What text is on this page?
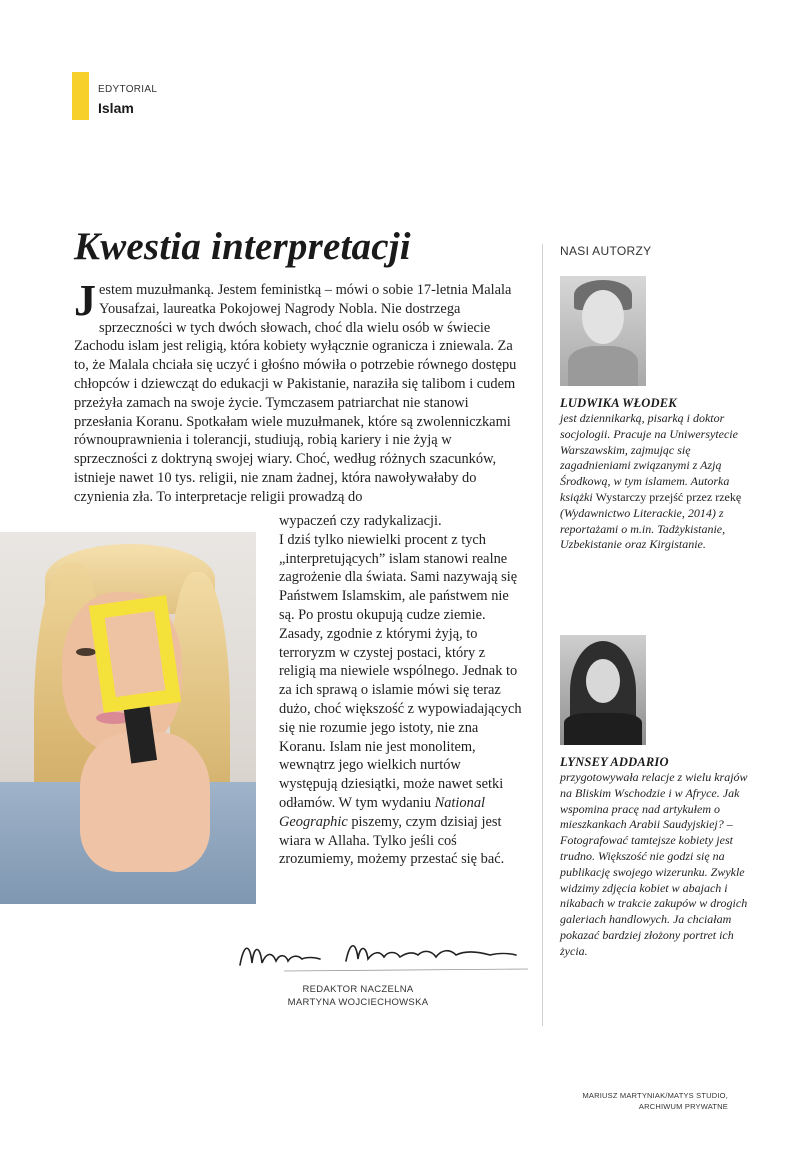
EDYTORIAL
Islam
Kwestia interpretacji

Jestem muzułmanką. Jestem feministką – mówi o sobie 17-letnia Malala Yousafzai, laureatka Pokojowej Nagrody Nobla. Nie dostrzega sprzeczności w tych dwóch słowach, choć dla wielu osób w świecie Zachodu islam jest religią, która kobiety wyłącznie ogranicza i zniewala. Za to, że Malala chciała się uczyć i głośno mówiła o potrzebie równego dostępu chłopców i dziewcząt do edukacji w Pakistanie, naraziła się talibom i cudem przeżyła zamach na swoje życie. Tymczasem patriarchat nie stanowi przesłania Koranu. Spotkałam wiele muzułmanek, które są zwolenniczkami równouprawnienia i tolerancji, studiują, robią kariery i nie żyją w sprzeczności z doktryną swojej wiary. Choć, według różnych szacunków, istnieje nawet 10 tys. religii, nie znam żadnej, która nawoływałaby do czynienia zła. To interpretacje religii prowadzą do

wypaczeń czy radykalizacji.

I dziś tylko niewielki procent z tych „interpretujących” islam stanowi realne zagrożenie dla świata. Sami nazywają się Państwem Islamskim, ale państwem nie są. Po prostu okupują cudze ziemie. Zasady, zgodnie z którymi żyją, to terroryzm w czystej postaci, który z religią ma niewiele wspólnego. Jednak to za ich sprawą o islamie mówi się teraz dużo, choć większość z wypowiadających się nie rozumie jego istoty, nie zna Koranu. Islam nie jest monolitem, wewnątrz jego wielkich nurtów występują dziesiątki, może nawet setki odłamów. W tym wydaniu National Geographic piszemy, czym dzisiaj jest wiara w Allaha. Tylko jeśli coś zrozumiemy, możemy przestać się bać.

REDAKTOR NACZELNA
MARTYNA WOJCIECHOWSKA
NASI AUTORZY
LUDWIKA WŁODEK

jest dziennikarką, pisarką i doktor socjologii. Pracuje na Uniwersytecie Warszawskim, zajmując się zagadnieniami związanymi z Azją Środkową, w tym islamem. Autorka książki Wystarczy przejść przez rzekę (Wydawnictwo Literackie, 2014) z reportażami o m.in. Tadżykistanie, Uzbekistanie oraz Kirgistanie.

LYNSEY ADDARIO

przygotowywała relacje z wielu krajów na Bliskim Wschodzie i w Afryce. Jak wspomina pracę nad artykułem o mieszkankach Arabii Saudyjskiej? – Fotografować tamtejsze kobiety jest trudno. Większość nie godzi się na publikację swojego wizerunku. Zwykle widzimy zdjęcia kobiet w abajach i nikabach w trakcie zakupów w drogich galeriach handlowych. Ja chciałam pokazać bardziej złożony portret ich życia.

MARIUSZ MARTYNIAK/MATYS STUDIO,
ARCHIWUM PRYWATNE
